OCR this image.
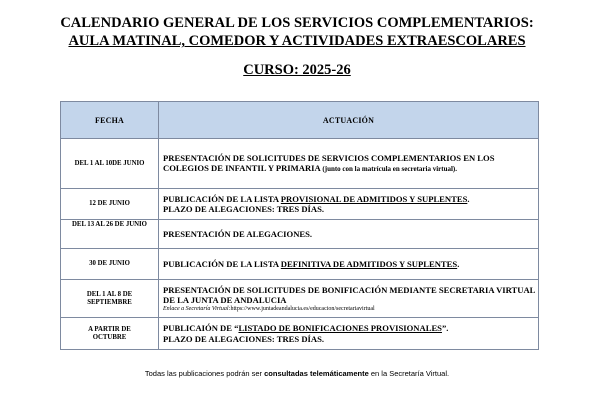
CALENDARIO GENERAL DE LOS SERVICIOS COMPLEMENTARIOS:
AULA MATINAL, COMEDOR Y ACTIVIDADES EXTRAESCOLARES
CURSO: 2025-26
FECHA	ACTUACIÓN
DEL 1 AL 10DE JUNIO	PRESENTACIÓN DE SOLICITUDES DE SERVICIOS COMPLEMENTARIOS EN LOS COLEGIOS DE INFANTIL Y PRIMARIA (junto con la matrícula en secretaria virtual).
12 DE JUNIO	PUBLICACIÓN DE LA LISTA PROVISIONAL DE ADMITIDOS Y SUPLENTES.
PLAZO DE ALEGACIONES: TRES DÍAS.
DEL 13 AL 26 DE JUNIO	PRESENTACIÓN DE ALEGACIONES.
30 DE JUNIO	PUBLICACIÓN DE LA LISTA DEFINITIVA DE ADMITIDOS Y SUPLENTES.
DEL 1 AL 8 DE
SEPTIEMBRE	PRESENTACIÓN DE SOLICITUDES DE BONIFICACIÓN MEDIANTE SECRETARIA VIRTUAL DE LA JUNTA DE ANDALUCIA
Enlace a Secretaría Virtual:https://www.juntadeandalucia.es/educacion/secretariavirtual

A PARTIR DE
OCTUBRE	PUBLICAIÓN DE “LISTADO DE BONIFICACIONES PROVISIONALES”.
PLAZO DE ALEGACIONES: TRES DÍAS.
Todas las publicaciones podrán ser consultadas telemáticamente en la Secretaría Virtual.
